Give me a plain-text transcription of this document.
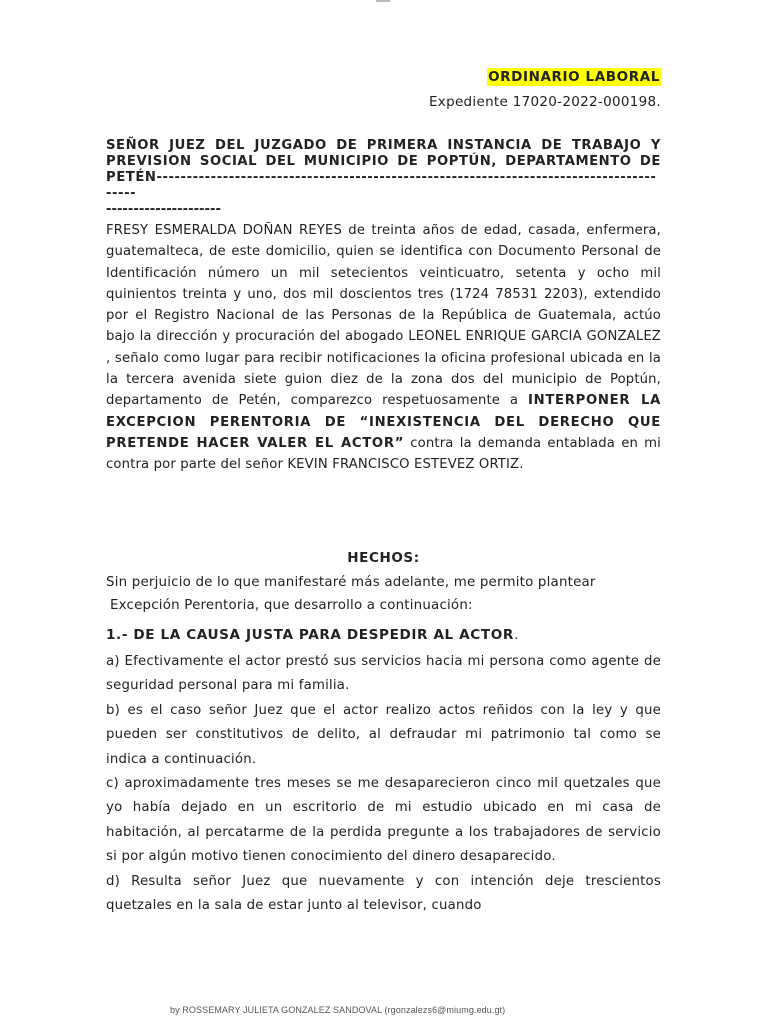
ORDINARIO LABORAL
Expediente 17020-2022-000198.
SEÑOR JUEZ DEL JUZGADO DE PRIMERA INSTANCIA DE TRABAJO Y PREVISION SOCIAL DEL MUNICIPIO DE POPTÚN, DEPARTAMENTO DE PETÉN----------------------------------------------------------------------------------------
---------------------
FRESY ESMERALDA DOÑAN REYES de treinta años de edad, casada, enfermera, guatemalteca, de este domicilio, quien se identifica con Documento Personal de Identificación número un mil setecientos veinticuatro, setenta y ocho mil quinientos treinta y uno, dos mil doscientos tres (1724 78531 2203), extendido por el Registro Nacional de las Personas de la República de Guatemala, actúo bajo la dirección y procuración del abogado LEONEL ENRIQUE GARCIA GONZALEZ , señalo como lugar para recibir notificaciones la oficina profesional ubicada en la la tercera avenida siete guion diez de la zona dos del municipio de Poptún, departamento de Petén, comparezco respetuosamente a INTERPONER LA EXCEPCION PERENTORIA DE “INEXISTENCIA DEL DERECHO QUE PRETENDE HACER VALER EL ACTOR” contra la demanda entablada en mi contra por parte del señor KEVIN FRANCISCO ESTEVEZ ORTIZ.
HECHOS:
Sin perjuicio de lo que manifestaré más adelante, me permito plantear
Excepción Perentoria, que desarrollo a continuación:
1.- DE LA CAUSA JUSTA PARA DESPEDIR AL ACTOR.

a) Efectivamente el actor prestó sus servicios hacia mi persona como agente de seguridad personal para mi familia.

b) es el caso señor Juez que el actor realizo actos reñidos con la ley y que pueden ser constitutivos de delito, al defraudar mi patrimonio tal como se indica a continuación.

c) aproximadamente tres meses se me desaparecieron cinco mil quetzales que yo había dejado en un escritorio de mi estudio ubicado en mi casa de habitación, al percatarme de la perdida pregunte a los trabajadores de servicio si por algún motivo tienen conocimiento del dinero desaparecido.

d) Resulta señor Juez que nuevamente y con intención deje trescientos quetzales en la sala de estar junto al televisor, cuando

by ROSSEMARY JULIETA GONZALEZ SANDOVAL (rgonzalezs6@miumg.edu.gt)
